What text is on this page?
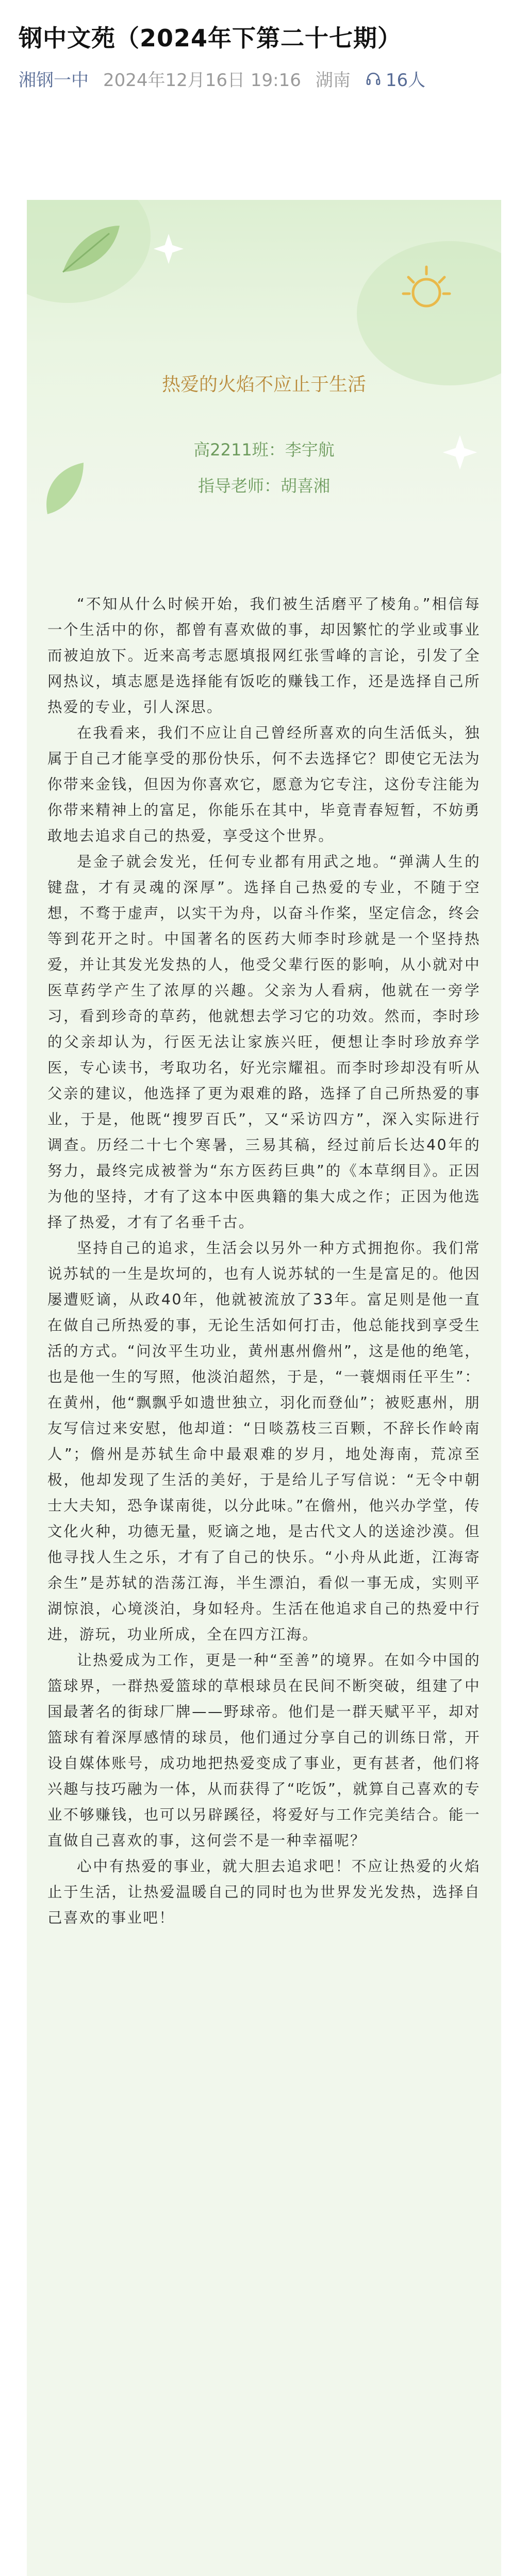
钢中文苑（2024年下第二十七期）
湘钢一中 2024年12月16日 19:16 湖南 16人
热爱的火焰不应止于生活
高2211班：李宇航
指导老师：胡喜湘

“不知从什么时候开始，我们被生活磨平了棱角。”相信每一个生活中的你，都曾有喜欢做的事，却因繁忙的学业或事业而被迫放下。近来高考志愿填报网红张雪峰的言论，引发了全网热议，填志愿是选择能有饭吃的赚钱工作，还是选择自己所热爱的专业，引人深思。

在我看来，我们不应让自己曾经所喜欢的向生活低头，独属于自己才能享受的那份快乐，何不去选择它？即使它无法为你带来金钱，但因为你喜欢它，愿意为它专注，这份专注能为你带来精神上的富足，你能乐在其中，毕竟青春短暂，不妨勇敢地去追求自己的热爱，享受这个世界。

是金子就会发光，任何专业都有用武之地。“弹满人生的键盘，才有灵魂的深厚”。选择自己热爱的专业，不随于空想，不骛于虚声，以实干为舟，以奋斗作桨，坚定信念，终会等到花开之时。中国著名的医药大师李时珍就是一个坚持热爱，并让其发光发热的人，他受父辈行医的影响，从小就对中医草药学产生了浓厚的兴趣。父亲为人看病，他就在一旁学习，看到珍奇的草药，他就想去学习它的功效。然而，李时珍的父亲却认为，行医无法让家族兴旺，便想让李时珍放弃学医，专心读书，考取功名，好光宗耀祖。而李时珍却没有听从父亲的建议，他选择了更为艰难的路，选择了自己所热爱的事业，于是，他既“搜罗百氏”，又“采访四方”，深入实际进行调查。历经二十七个寒暑，三易其稿，经过前后长达40年的努力，最终完成被誉为“东方医药巨典”的《本草纲目》。正因为他的坚持，才有了这本中医典籍的集大成之作；正因为他选择了热爱，才有了名垂千古。

坚持自己的追求，生活会以另外一种方式拥抱你。我们常说苏轼的一生是坎坷的，也有人说苏轼的一生是富足的。他因屡遭贬谪，从政40年，他就被流放了33年。富足则是他一直在做自己所热爱的事，无论生活如何打击，他总能找到享受生活的方式。“问汝平生功业，黄州惠州儋州”，这是他的绝笔，也是他一生的写照，他淡泊超然，于是，“一蓑烟雨任平生”：在黄州，他“飘飘乎如遗世独立，羽化而登仙”；被贬惠州，朋友写信过来安慰，他却道：“日啖荔枝三百颗，不辞长作岭南人”；儋州是苏轼生命中最艰难的岁月，地处海南，荒凉至极，他却发现了生活的美好，于是给儿子写信说：“无令中朝士大夫知，恐争谋南徙，以分此味。”在儋州，他兴办学堂，传文化火种，功德无量，贬谪之地，是古代文人的送途沙漠。但他寻找人生之乐，才有了自己的快乐。“小舟从此逝，江海寄余生”是苏轼的浩荡江海，半生漂泊，看似一事无成，实则平湖惊浪，心境淡泊，身如轻舟。生活在他追求自己的热爱中行进，游玩，功业所成，全在四方江海。

让热爱成为工作，更是一种“至善”的境界。在如今中国的篮球界，一群热爱篮球的草根球员在民间不断突破，组建了中国最著名的街球厂牌——野球帝。他们是一群天赋平平，却对篮球有着深厚感情的球员，他们通过分享自己的训练日常，开设自媒体账号，成功地把热爱变成了事业，更有甚者，他们将兴趣与技巧融为一体，从而获得了“吃饭”，就算自己喜欢的专业不够赚钱，也可以另辟蹊径，将爱好与工作完美结合。能一直做自己喜欢的事，这何尝不是一种幸福呢？

心中有热爱的事业，就大胆去追求吧！不应让热爱的火焰止于生活，让热爱温暖自己的同时也为世界发光发热，选择自己喜欢的事业吧！
